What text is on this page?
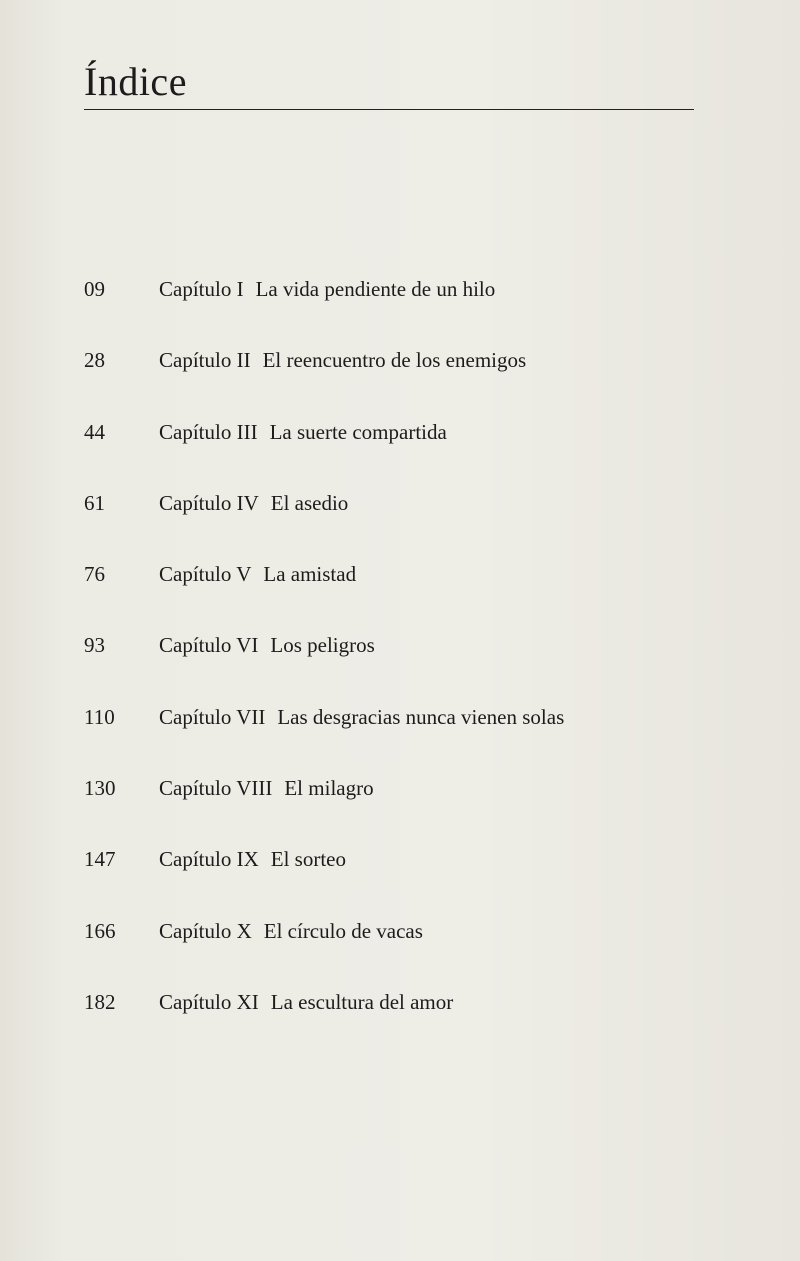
Índice
09	Capítulo I La vida pendiente de un hilo
28	Capítulo II El reencuentro de los enemigos
44	Capítulo III La suerte compartida
61	Capítulo IV El asedio
76	Capítulo V La amistad
93	Capítulo VI Los peligros
110 Capítulo VII Las desgracias nunca vienen solas
130 Capítulo VIII El milagro
147 Capítulo IX El sorteo
166 Capítulo X El círculo de vacas
182 Capítulo XI La escultura del amor
